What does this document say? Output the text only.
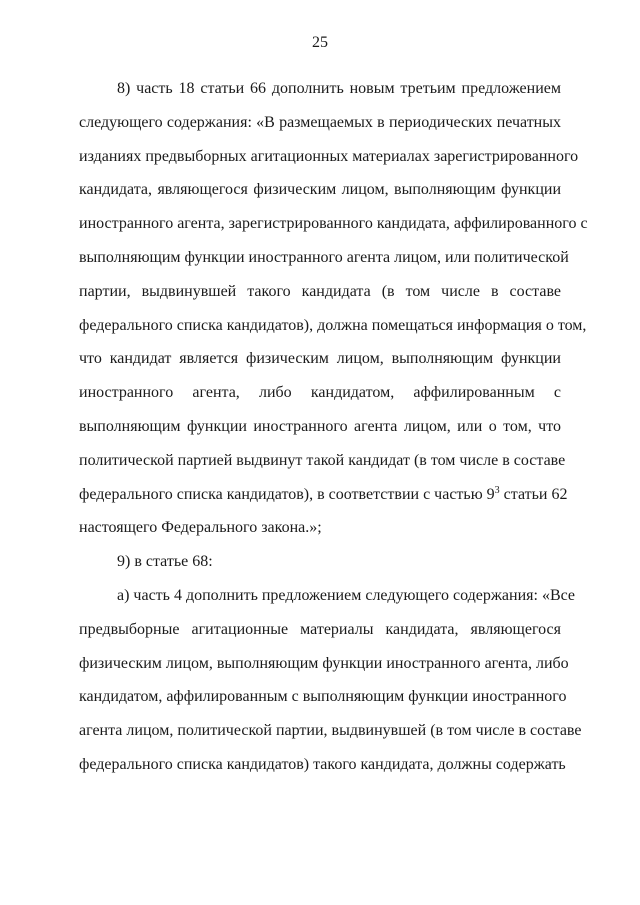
25
8) часть 18 статьи 66 дополнить новым третьим предложением
следующего содержания: «В размещаемых в периодических печатных
изданиях предвыборных агитационных материалах зарегистрированного
кандидата, являющегося физическим лицом, выполняющим функции
иностранного агента, зарегистрированного кандидата, аффилированного с
выполняющим функции иностранного агента лицом, или политической
партии, выдвинувшей такого кандидата (в том числе в составе
федерального списка кандидатов), должна помещаться информация о том,
что кандидат является физическим лицом, выполняющим функции
иностранного агента, либо кандидатом, аффилированным с
выполняющим функции иностранного агента лицом, или о том, что
политической партией выдвинут такой кандидат (в том числе в составе
федерального списка кандидатов), в соответствии с частью $9^3$ статьи 62
настоящего Федерального закона.»;
9) в статье 68:
а) часть 4 дополнить предложением следующего содержания: «Все
предвыборные агитационные материалы кандидата, являющегося
физическим лицом, выполняющим функции иностранного агента, либо
кандидатом, аффилированным с выполняющим функции иностранного
агента лицом, политической партии, выдвинувшей (в том числе в составе
федерального списка кандидатов) такого кандидата, должны содержать
